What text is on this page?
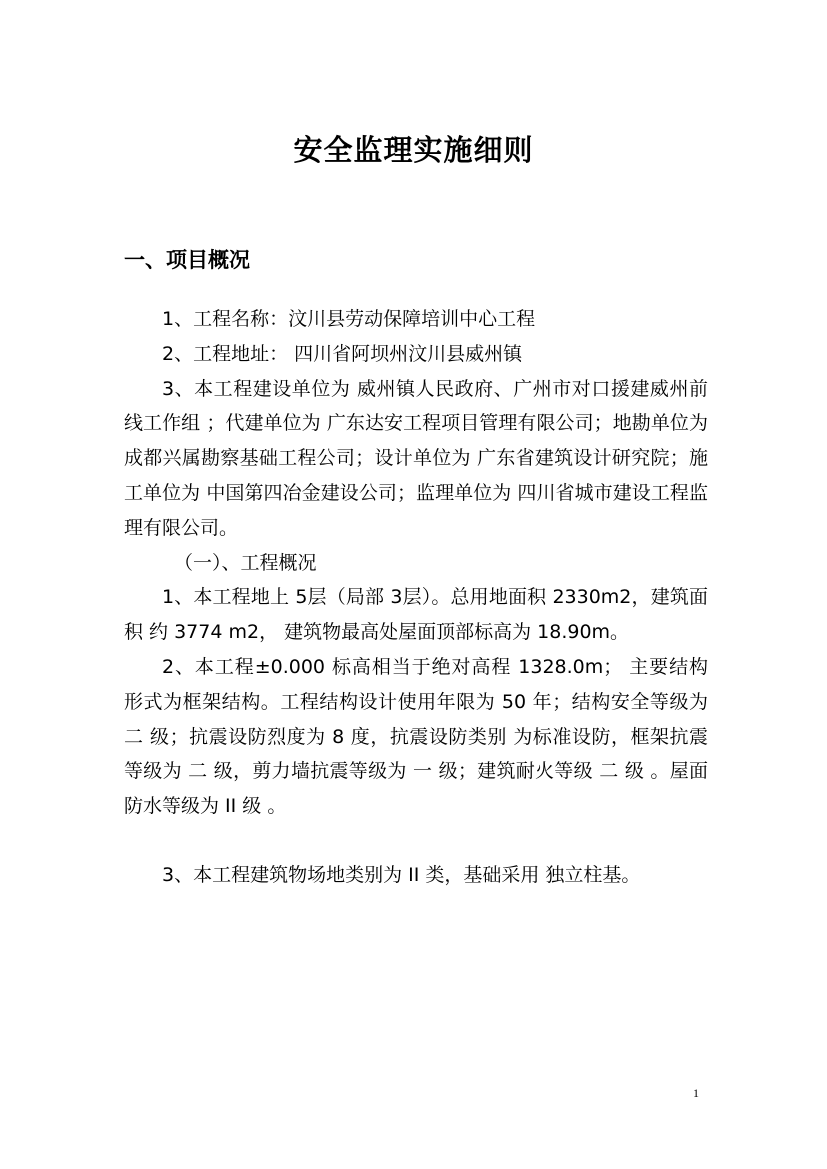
安全监理实施细则
一、项目概况

1、工程名称：汶川县劳动保障培训中心工程

2、工程地址： 四川省阿坝州汶川县威州镇

3、本工程建设单位为 威州镇人民政府、广州市对口援建威州前线工作组 ；代建单位为 广东达安工程项目管理有限公司；地勘单位为 成都兴属勘察基础工程公司；设计单位为 广东省建筑设计研究院；施工单位为 中国第四冶金建设公司；监理单位为 四川省城市建设工程监理有限公司。

（一）、工程概况

1、本工程地上 5层（局部 3层）。总用地面积 2330m2，建筑面积 约 3774 m2， 建筑物最高处屋面顶部标高为 18.90m。

2、本工程±0.000 标高相当于绝对高程 1328.0m； 主要结构形式为框架结构。工程结构设计使用年限为 50 年；结构安全等级为 二 级；抗震设防烈度为 8 度，抗震设防类别 为标准设防，框架抗震等级为 二 级，剪力墙抗震等级为 一 级；建筑耐火等级 二 级 。屋面防水等级为 II 级 。

3、本工程建筑物场地类别为 II 类，基础采用 独立柱基。

1
